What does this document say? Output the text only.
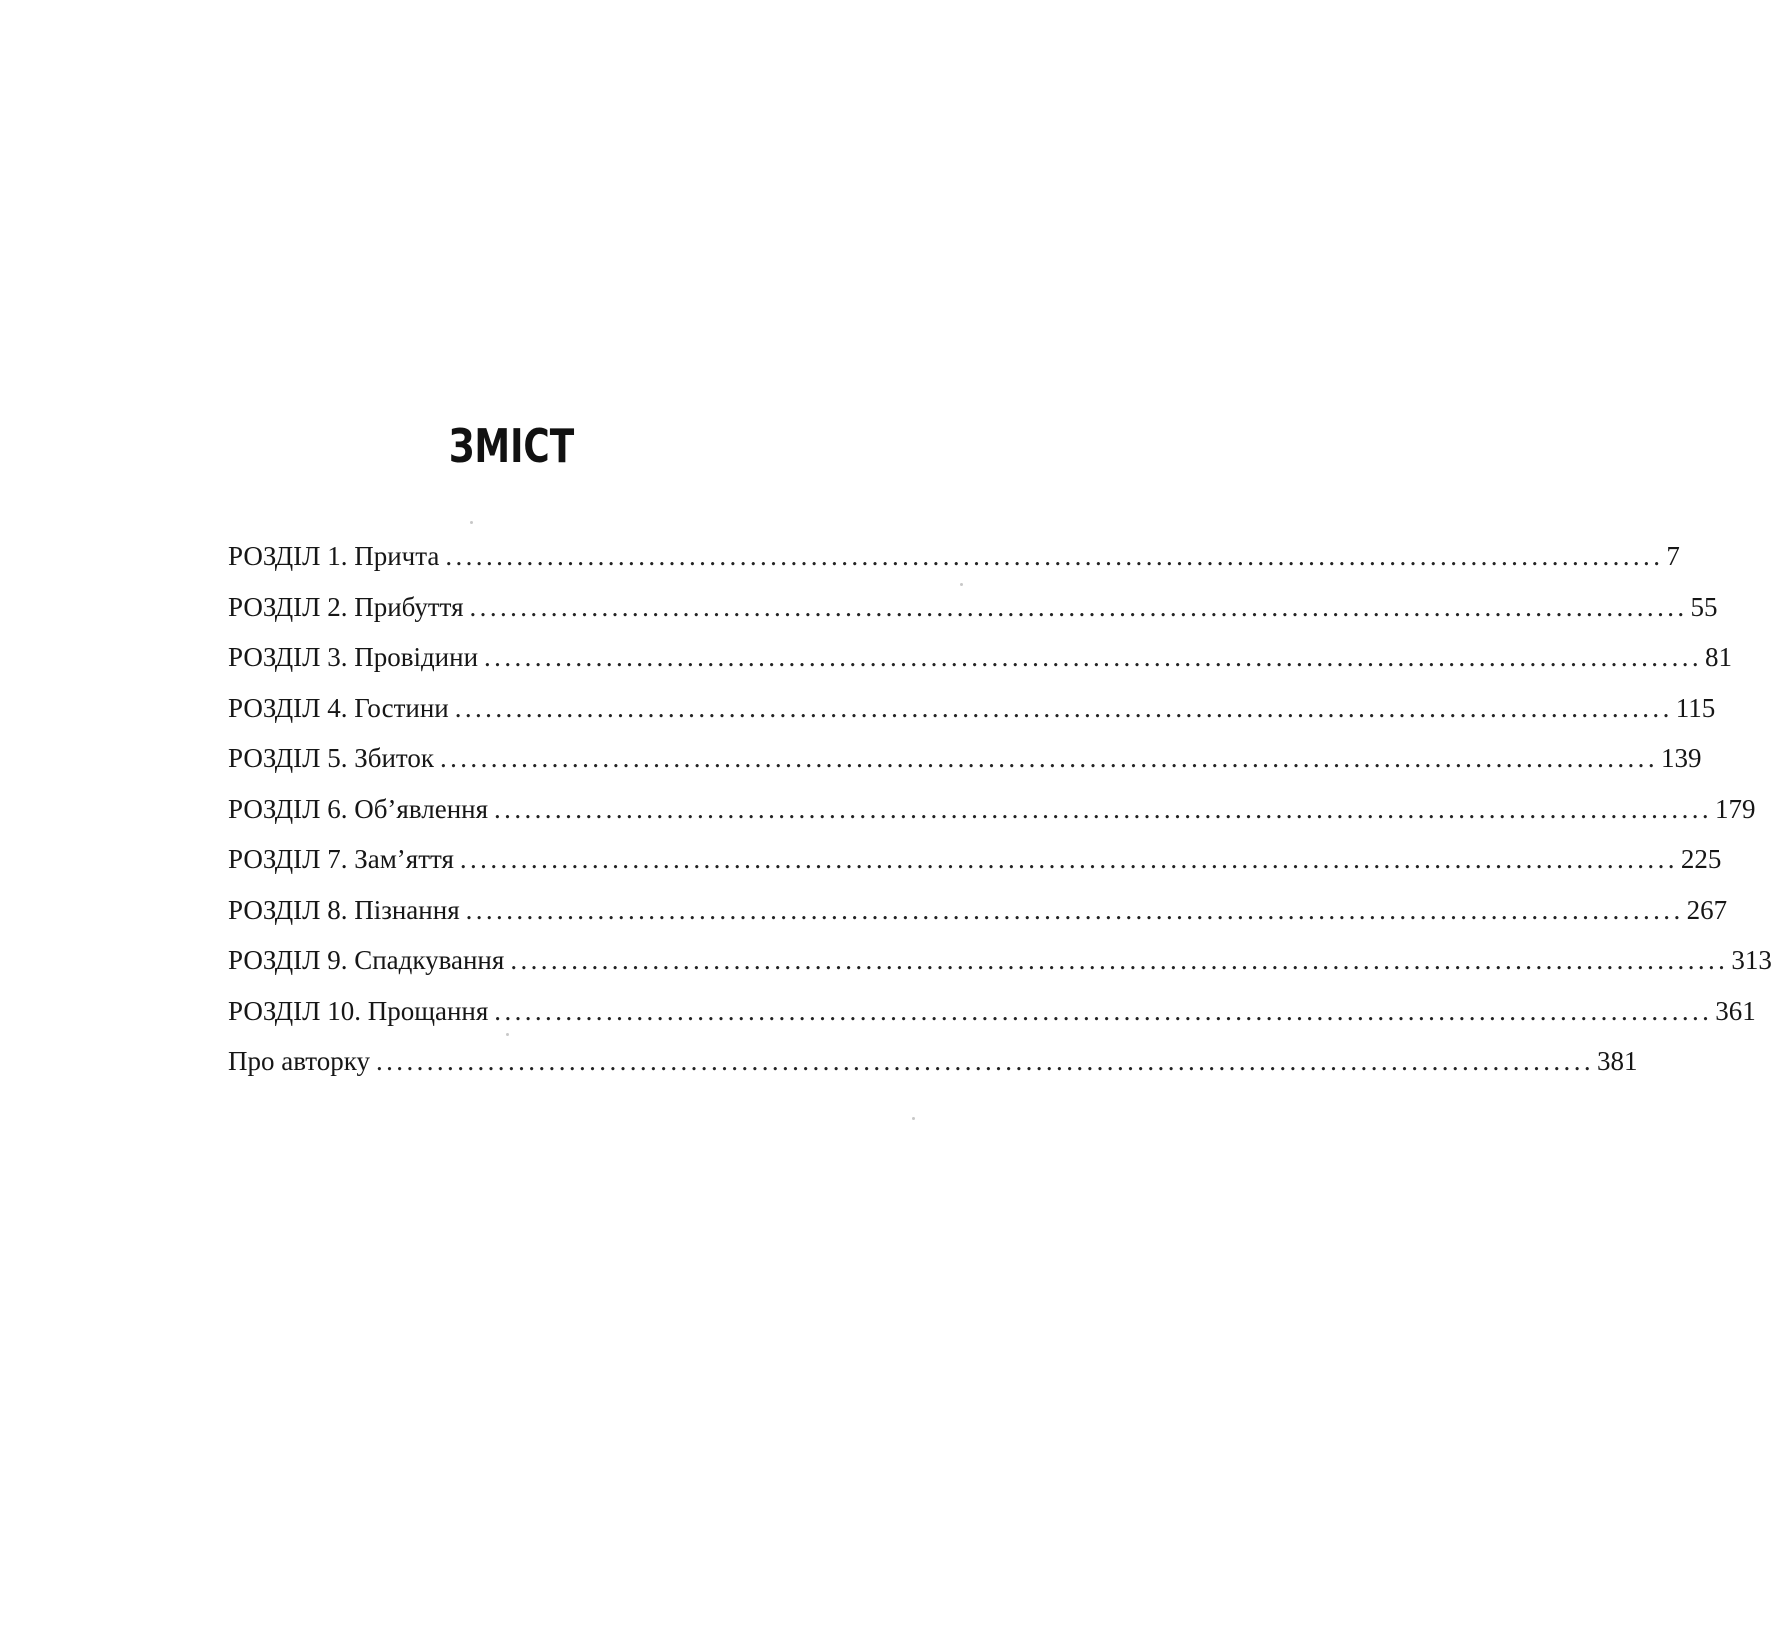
ЗМІСТ
РОЗДІЛ 1. Причта ........................................................................................................................ 7
РОЗДІЛ 2. Прибуття ........................................................................................................................ 55
РОЗДІЛ 3. Провідини ........................................................................................................................ 81
РОЗДІЛ 4. Гостини ........................................................................................................................ 115
РОЗДІЛ 5. Збиток ........................................................................................................................ 139
РОЗДІЛ 6. Об’явлення ........................................................................................................................ 179
РОЗДІЛ 7. Зам’яття ........................................................................................................................ 225
РОЗДІЛ 8. Пізнання ........................................................................................................................ 267
РОЗДІЛ 9. Спадкування ........................................................................................................................ 313
РОЗДІЛ 10. Прощання ........................................................................................................................ 361
Про авторку ........................................................................................................................ 381
